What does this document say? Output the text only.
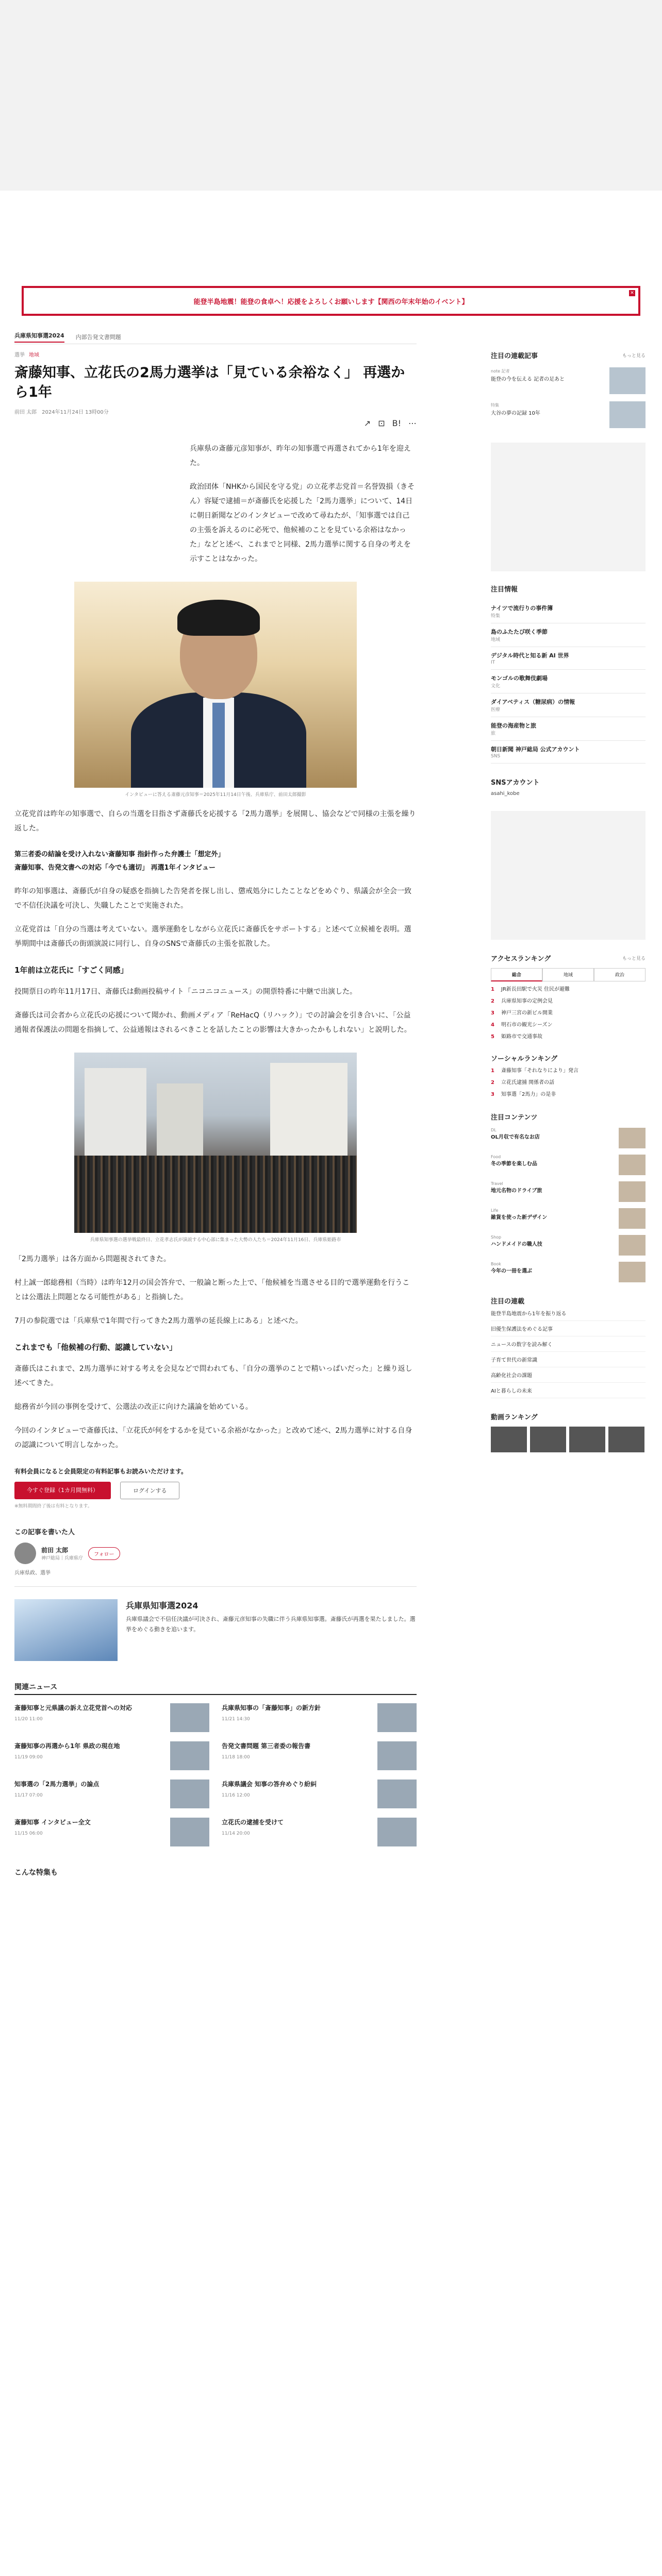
能登半島地震！能登の食卓へ！応援をよろしくお願いします【関西の年末年始のイベント】
✕
兵庫県知事選2024 内部告発文書問題
選挙 地域
斎藤知事、立花氏の2馬力選挙は「見ている余裕なく」 再選から1年
前田 太郎　2024年11月24日 13時00分
↗ ⊡ B! ⋯

兵庫県の斎藤元彦知事が、昨年の知事選で再選されてから1年を迎えた。

政治団体「NHKから国民を守る党」の立花孝志党首＝名誉毀損（きそん）容疑で逮捕＝が斎藤氏を応援した「2馬力選挙」について、14日に朝日新聞などのインタビューで改めて尋ねたが、「知事選では自己の主張を訴えるのに必死で、他候補のことを見ている余裕はなかった」などと述べ、これまでと同様、2馬力選挙に関する自身の考えを示すことはなかった。

インタビューに答える斎藤元彦知事＝2025年11月14日午後、兵庫県庁、前田太郎撮影

立花党首は昨年の知事選で、自らの当選を目指さず斎藤氏を応援する「2馬力選挙」を展開し、協会などで同様の主張を繰り返した。

第三者委の結論を受け入れない斎藤知事 指針作った弁護士「想定外」
斎藤知事、告発文書への対応「今でも適切」 再選1年インタビュー

昨年の知事選は、斎藤氏が自身の疑惑を指摘した告発者を探し出し、懲戒処分にしたことなどをめぐり、県議会が全会一致で不信任決議を可決し、失職したことで実施された。

立花党首は「自分の当選は考えていない。選挙運動をしながら立花氏に斎藤氏をサポートする」と述べて立候補を表明。選挙期間中は斎藤氏の街頭演説に同行し、自身のSNSで斎藤氏の主張を拡散した。

1年前は立花氏に「すごく同感」

投開票日の昨年11月17日、斎藤氏は動画投稿サイト「ニコニコニュース」の開票特番に中継で出演した。

斎藤氏は司会者から立花氏の応援について聞かれ、動画メディア「ReHacQ（リハック）」での討論会を引き合いに、「公益通報者保護法の問題を指摘して、公益通報はされるべきことを話したことの影響は大きかったかもしれない」と説明した。

兵庫県知事選の選挙戦最終日、立花孝志氏が演説する中心部に集まった大勢の人たち＝2024年11月16日、兵庫県姫路市

「2馬力選挙」は各方面から問題視されてきた。

村上誠一郎総務相（当時）は昨年12月の国会答弁で、一般論と断った上で、「他候補を当選させる目的で選挙運動を行うことは公選法上問題となる可能性がある」と指摘した。

7月の参院選では「兵庫県で1年間で行ってきた2馬力選挙の延長線上にある」と述べた。

これまでも「他候補の行動、認識していない」

斎藤氏はこれまで、2馬力選挙に対する考えを会見などで問われても、「自分の選挙のことで精いっぱいだった」と繰り返し述べてきた。

総務省が今回の事例を受けて、公選法の改正に向けた議論を始めている。

今回のインタビューで斎藤氏は、「立花氏が何をするかを見ている余裕がなかった」と改めて述べ、2馬力選挙に対する自身の認識について明言しなかった。

有料会員になると会員限定の有料記事もお読みいただけます。
今すぐ登録（1カ月間無料）	ログインする
※無料期間終了後は有料となります。
この記事を書いた人
前田 太郎
神戸総局｜兵庫県庁
フォロー
兵庫県政、選挙
兵庫県知事選2024
兵庫県議会で不信任決議が可決され、斎藤元彦知事の失職に伴う兵庫県知事選。斎藤氏が再選を果たしました。選挙をめぐる動きを追います。
関連ニュース
斎藤知事と元県議の訴え立花党首への対応
11/20 11:00
兵庫県知事の「斎藤知事」の新方針
11/21 14:30
斎藤知事の再選から1年 県政の現在地
11/19 09:00
告発文書問題 第三者委の報告書
11/18 18:00
知事選の「2馬力選挙」の論点
11/17 07:00
兵庫県議会 知事の答弁めぐり紛糾
11/16 12:00
斎藤知事 インタビュー全文
11/15 06:00
立花氏の逮捕を受けて
11/14 20:00
こんな特集も
注目の連載記事	もっと見る
note 記者
能登の今を伝える 記者の足あと
特集
大谷の夢の記録 10年
注目情報
ナイツで流行りの事件簿
特集
島のふたたび咲く季節
地域
デジタル時代と知る新 AI 世界
IT
モンゴルの歌舞伎劇場
文化
ダイアベティス（糖尿病）の情報
医療
能登の海産物と旅
旅
朝日新聞 神戸総局 公式アカウント
SNS
SNSアカウント
asahi_kobe
アクセスランキング	もっと見る
総合	地域	政治
1	JR新長田駅で火災 住民が避難
2	兵庫県知事の定例会見
3	神戸三宮の新ビル開業
4	明石市の観光シーズン
5	姫路市で交通事故
ソーシャルランキング
1	斎藤知事「それなりにより」発言
2	立花氏逮捕 関係者の話
3	知事選「2馬力」の是非
注目コンテンツ
DL
OL月収で有名なお店
Food
冬の季節を楽しむ品
Travel
地元名物のドライブ旅
Life
雑貨を使った新デザイン
Shop
ハンドメイドの職人技
Book
今年の一冊を選ぶ
注目の連載
能登半島地震から1年を振り返る
旧優生保護法をめぐる記事
ニュースの数字を読み解く
子育て世代の新常識
高齢化社会の課題
AIと暮らしの未来
動画ランキング
